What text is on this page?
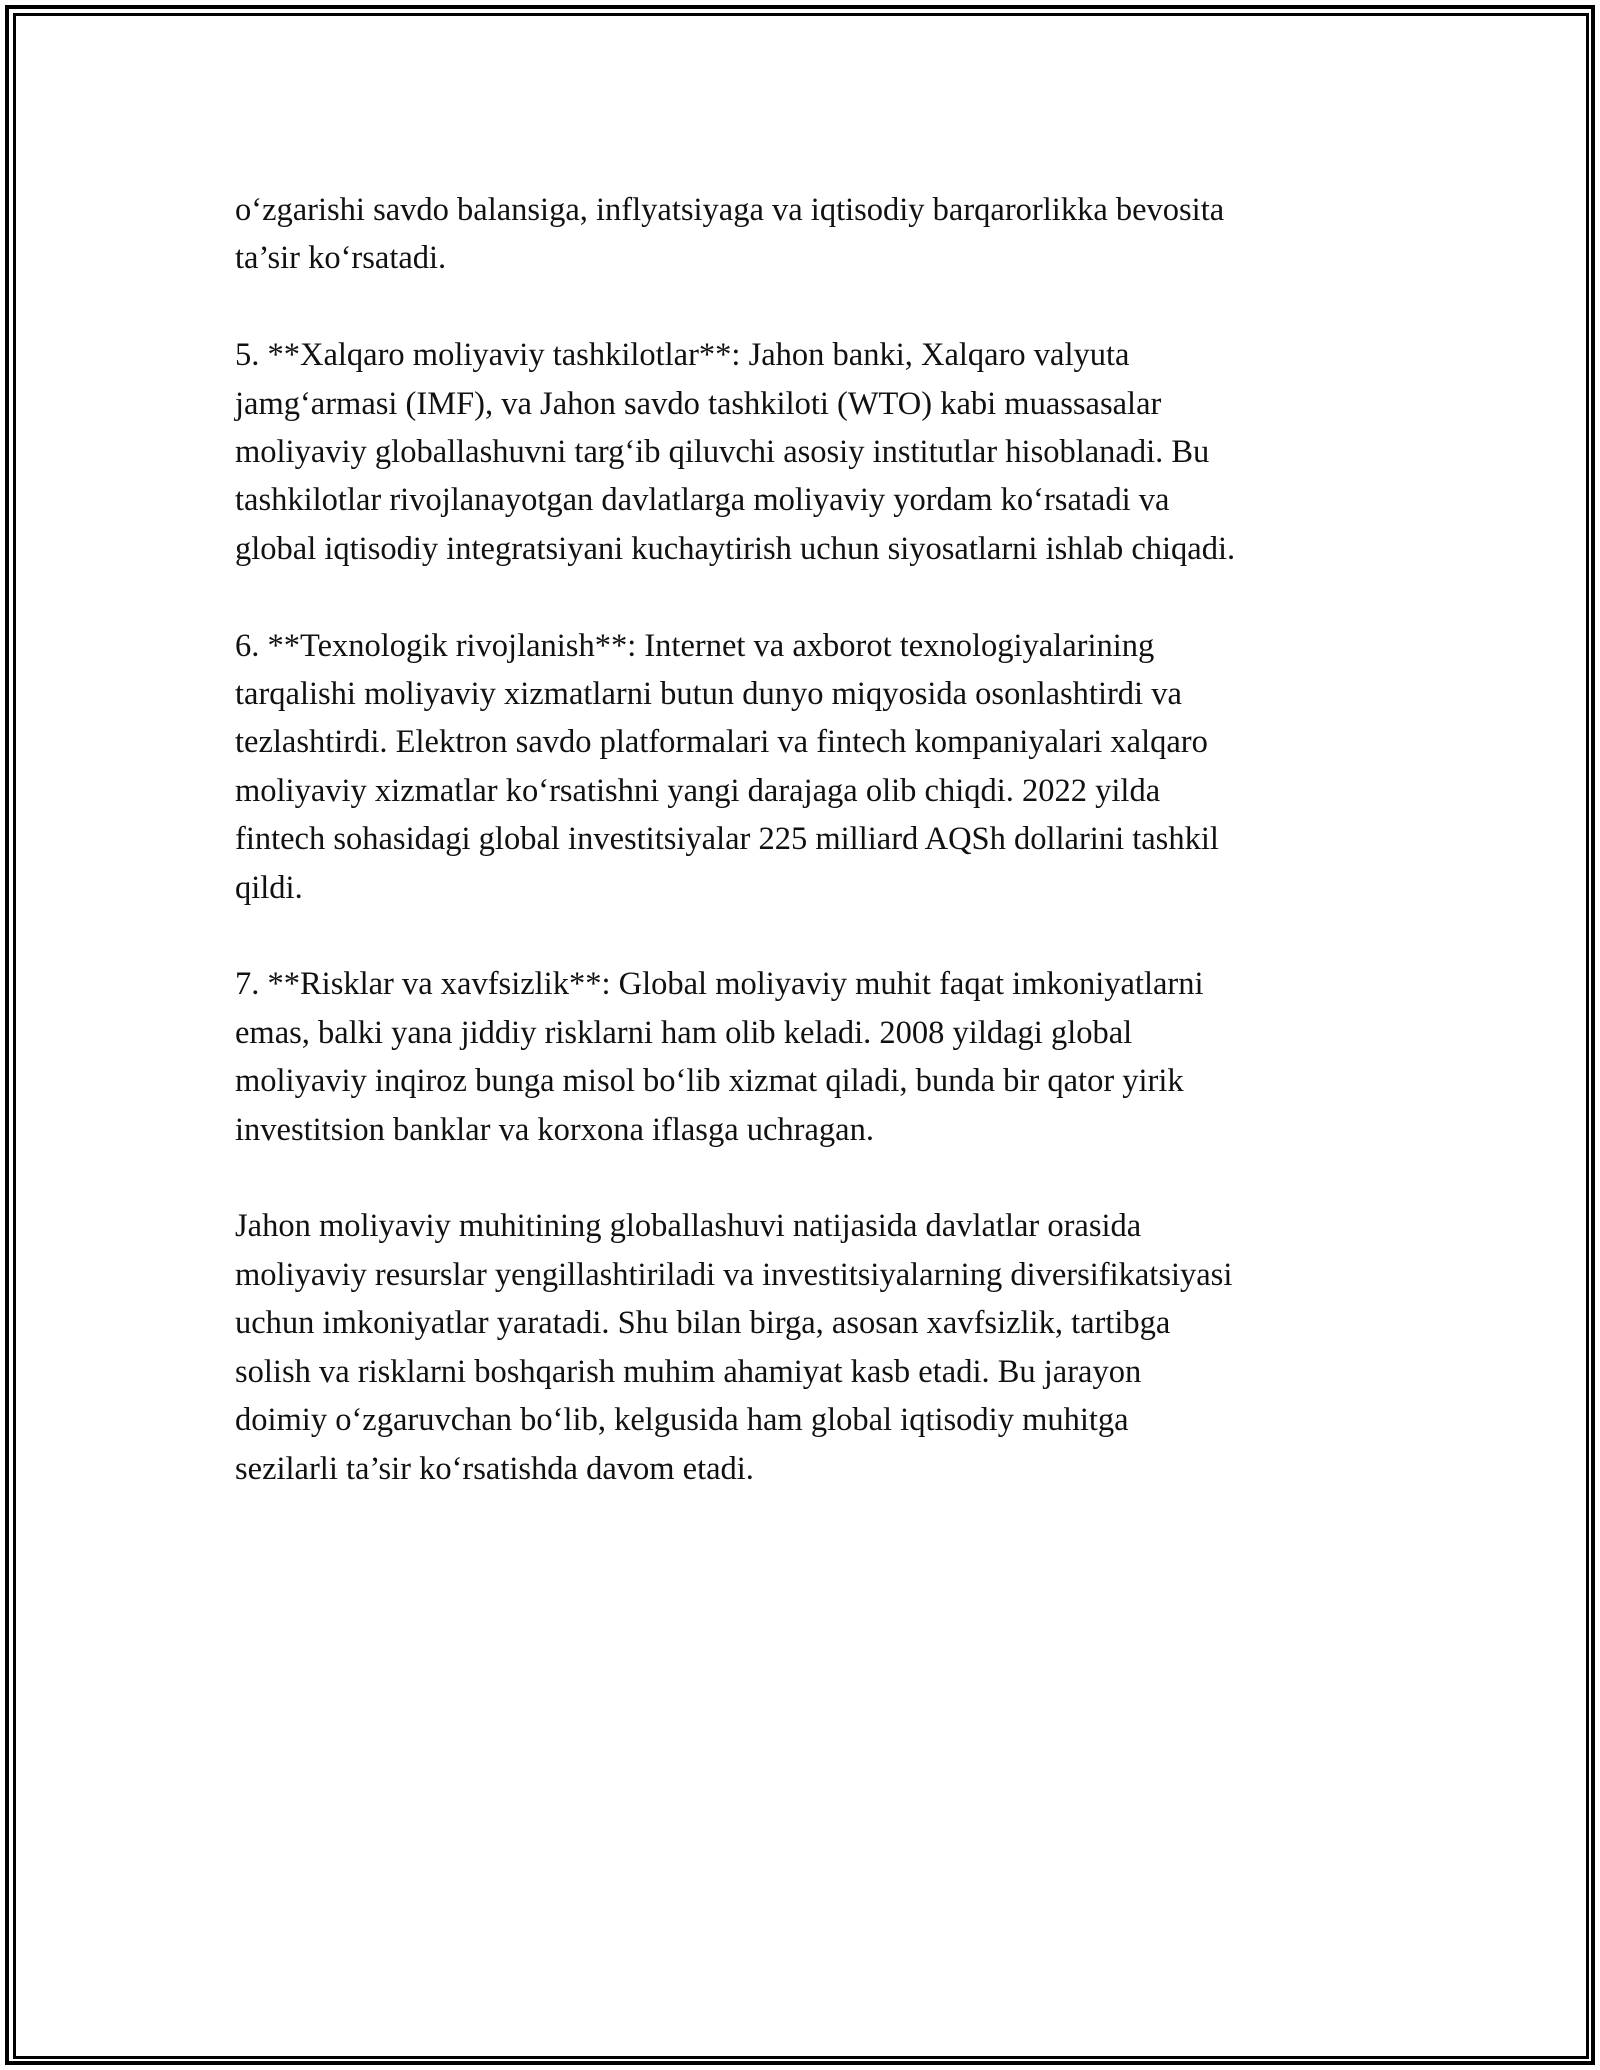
o‘zgarishi savdo balansiga, inflyatsiyaga va iqtisodiy barqarorlikka bevosita
ta’sir ko‘rsatadi.

5. **Xalqaro moliyaviy tashkilotlar**: Jahon banki, Xalqaro valyuta
jamg‘armasi (IMF), va Jahon savdo tashkiloti (WTO) kabi muassasalar
moliyaviy globallashuvni targ‘ib qiluvchi asosiy institutlar hisoblanadi. Bu
tashkilotlar rivojlanayotgan davlatlarga moliyaviy yordam ko‘rsatadi va
global iqtisodiy integratsiyani kuchaytirish uchun siyosatlarni ishlab chiqadi.

6. **Texnologik rivojlanish**: Internet va axborot texnologiyalarining
tarqalishi moliyaviy xizmatlarni butun dunyo miqyosida osonlashtirdi va
tezlashtirdi. Elektron savdo platformalari va fintech kompaniyalari xalqaro
moliyaviy xizmatlar ko‘rsatishni yangi darajaga olib chiqdi. 2022 yilda
fintech sohasidagi global investitsiyalar 225 milliard AQSh dollarini tashkil
qildi.

7. **Risklar va xavfsizlik**: Global moliyaviy muhit faqat imkoniyatlarni
emas, balki yana jiddiy risklarni ham olib keladi. 2008 yildagi global
moliyaviy inqiroz bunga misol bo‘lib xizmat qiladi, bunda bir qator yirik
investitsion banklar va korxona iflasga uchragan.

Jahon moliyaviy muhitining globallashuvi natijasida davlatlar orasida
moliyaviy resurslar yengillashtiriladi va investitsiyalarning diversifikatsiyasi
uchun imkoniyatlar yaratadi. Shu bilan birga, asosan xavfsizlik, tartibga
solish va risklarni boshqarish muhim ahamiyat kasb etadi. Bu jarayon
doimiy o‘zgaruvchan bo‘lib, kelgusida ham global iqtisodiy muhitga
sezilarli ta’sir ko‘rsatishda davom etadi.
